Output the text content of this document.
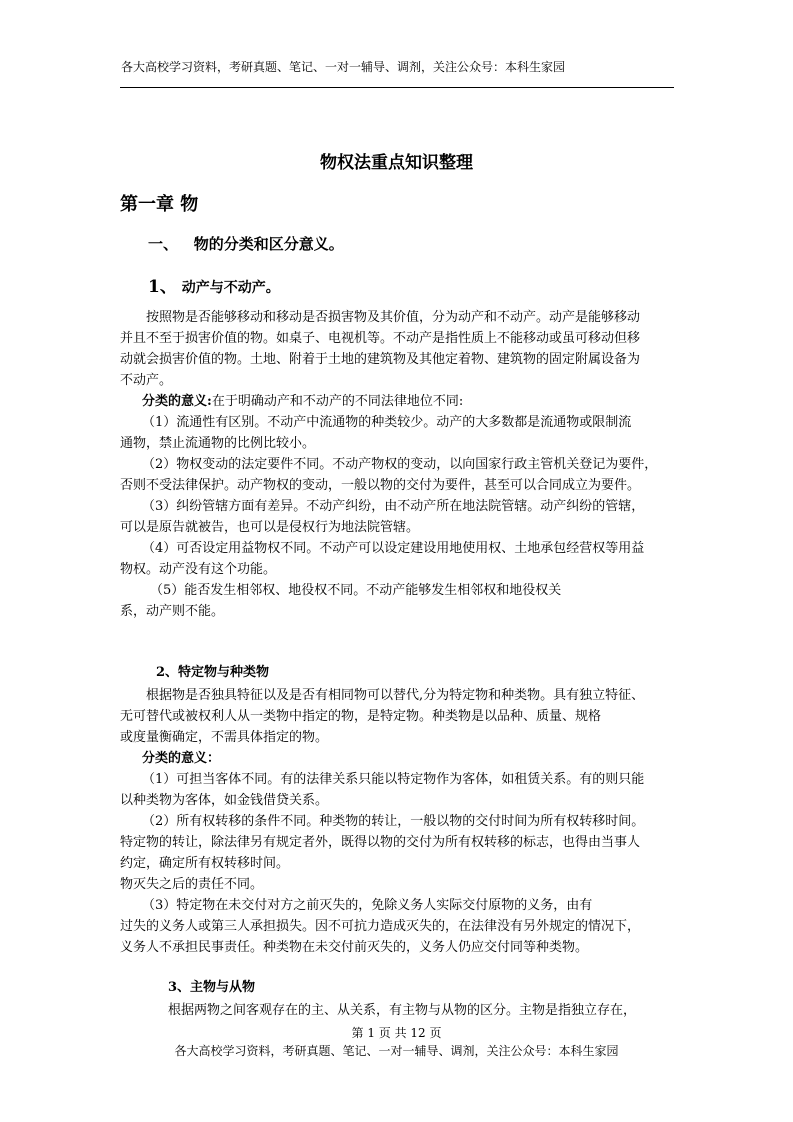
各大高校学习资料，考研真题、笔记、一对一辅导、调剂，关注公众号：本科生家园
物权法重点知识整理
第一章 物
一、 物的分类和区分意义。
1、 动产与不动产。
按照物是否能够移动和移动是否损害物及其价值，分为动产和不动产。动产是能够移动
并且不至于损害价值的物。如桌子、电视机等。不动产是指性质上不能移动或虽可移动但移
动就会损害价值的物。土地、附着于土地的建筑物及其他定着物、建筑物的固定附属设备为
不动产。
分类的意义:在于明确动产和不动产的不同法律地位不同:
（1）流通性有区别。不动产中流通物的种类较少。动产的大多数都是流通物或限制流
通物，禁止流通物的比例比较小。
（2）物权变动的法定要件不同。不动产物权的变动，以向国家行政主管机关登记为要件，
否则不受法律保护。动产物权的变动，一般以物的交付为要件，甚至可以合同成立为要件。
（3）纠纷管辖方面有差异。不动产纠纷，由不动产所在地法院管辖。动产纠纷的管辖，
可以是原告就被告，也可以是侵权行为地法院管辖。
（4）可否设定用益物权不同。不动产可以设定建设用地使用权、土地承包经营权等用益
物权。动产没有这个功能。
（5）能否发生相邻权、地役权不同。不动产能够发生相邻权和地役权关
系，动产则不能。
2、特定物与种类物
根据物是否独具特征以及是否有相同物可以替代,分为特定物和种类物。具有独立特征、
无可替代或被权利人从一类物中指定的物，是特定物。种类物是以品种、质量、规格
或度量衡确定，不需具体指定的物。
分类的意义：
（1）可担当客体不同。有的法律关系只能以特定物作为客体，如租赁关系。有的则只能
以种类物为客体，如金钱借贷关系。
（2）所有权转移的条件不同。种类物的转让，一般以物的交付时间为所有权转移时间。
特定物的转让，除法律另有规定者外，既得以物的交付为所有权转移的标志，也得由当事人
约定，确定所有权转移时间。
物灭失之后的责任不同。
（3）特定物在未交付对方之前灭失的，免除义务人实际交付原物的义务，由有
过失的义务人或第三人承担损失。因不可抗力造成灭失的，在法律没有另外规定的情况下，
义务人不承担民事责任。种类物在未交付前灭失的，义务人仍应交付同等种类物。
3、主物与从物
根据两物之间客观存在的主、从关系，有主物与从物的区分。主物是指独立存在，
第 1 页 共 12 页
各大高校学习资料，考研真题、笔记、一对一辅导、调剂，关注公众号：本科生家园
